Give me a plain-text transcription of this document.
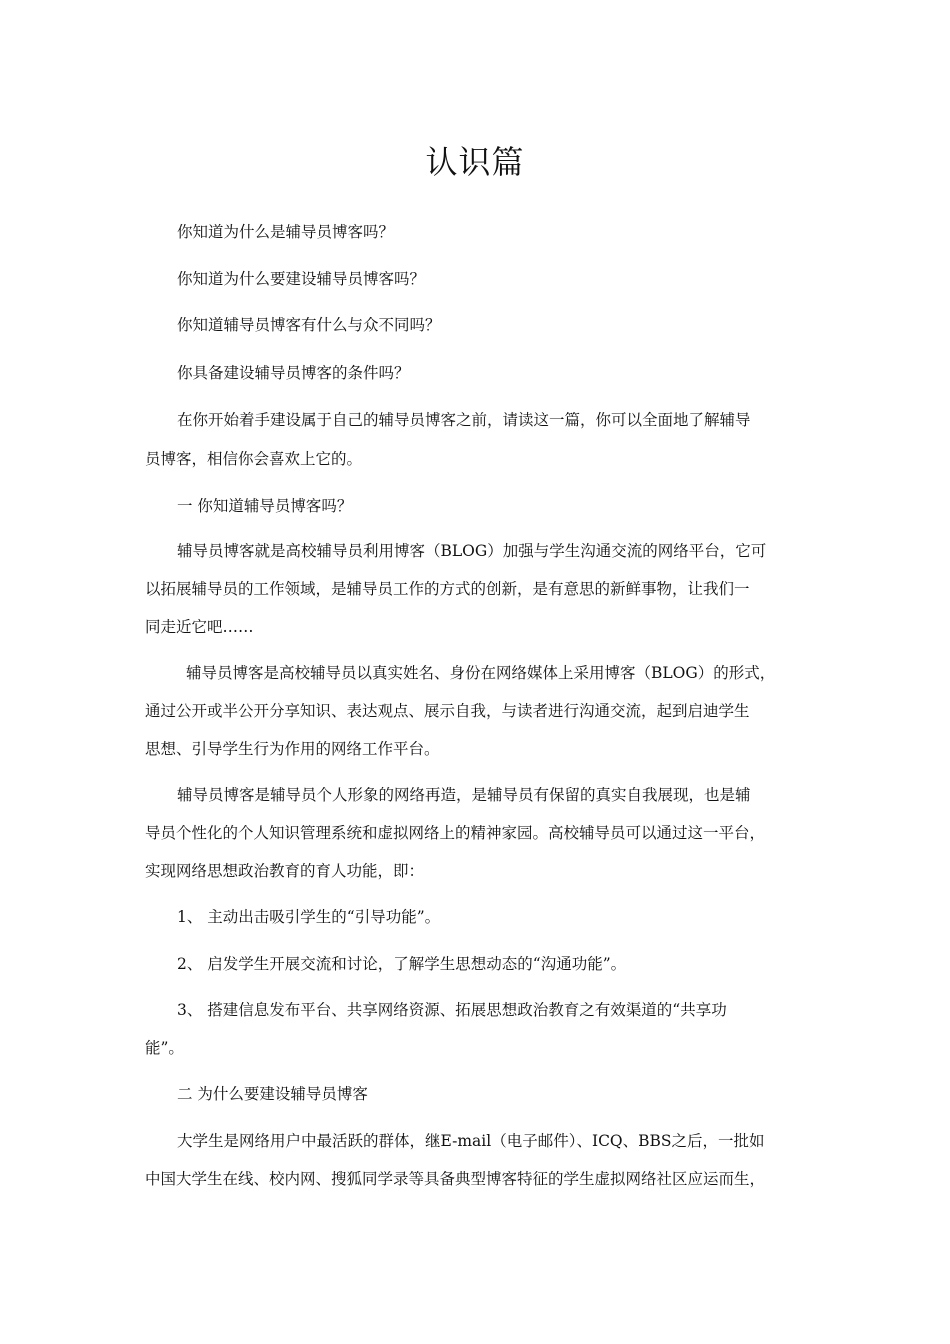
认识篇
你知道为什么是辅导员博客吗？
你知道为什么要建设辅导员博客吗？
你知道辅导员博客有什么与众不同吗？
你具备建设辅导员博客的条件吗？
在你开始着手建设属于自己的辅导员博客之前，请读这一篇，你可以全面地了解辅导
员博客，相信你会喜欢上它的。
一 你知道辅导员博客吗？
辅导员博客就是高校辅导员利用博客（BLOG）加强与学生沟通交流的网络平台，它可
以拓展辅导员的工作领域，是辅导员工作的方式的创新，是有意思的新鲜事物，让我们一
同走近它吧……
辅导员博客是高校辅导员以真实姓名、身份在网络媒体上采用博客（BLOG）的形式，
通过公开或半公开分享知识、表达观点、展示自我，与读者进行沟通交流，起到启迪学生
思想、引导学生行为作用的网络工作平台。
辅导员博客是辅导员个人形象的网络再造，是辅导员有保留的真实自我展现，也是辅
导员个性化的个人知识管理系统和虚拟网络上的精神家园。高校辅导员可以通过这一平台，
实现网络思想政治教育的育人功能，即：
1、 主动出击吸引学生的“引导功能”。
2、 启发学生开展交流和讨论，了解学生思想动态的“沟通功能”。
3、 搭建信息发布平台、共享网络资源、拓展思想政治教育之有效渠道的“共享功
能”。
二 为什么要建设辅导员博客
大学生是网络用户中最活跃的群体，继E-mail（电子邮件）、ICQ、BBS之后，一批如
中国大学生在线、校内网、搜狐同学录等具备典型博客特征的学生虚拟网络社区应运而生，
